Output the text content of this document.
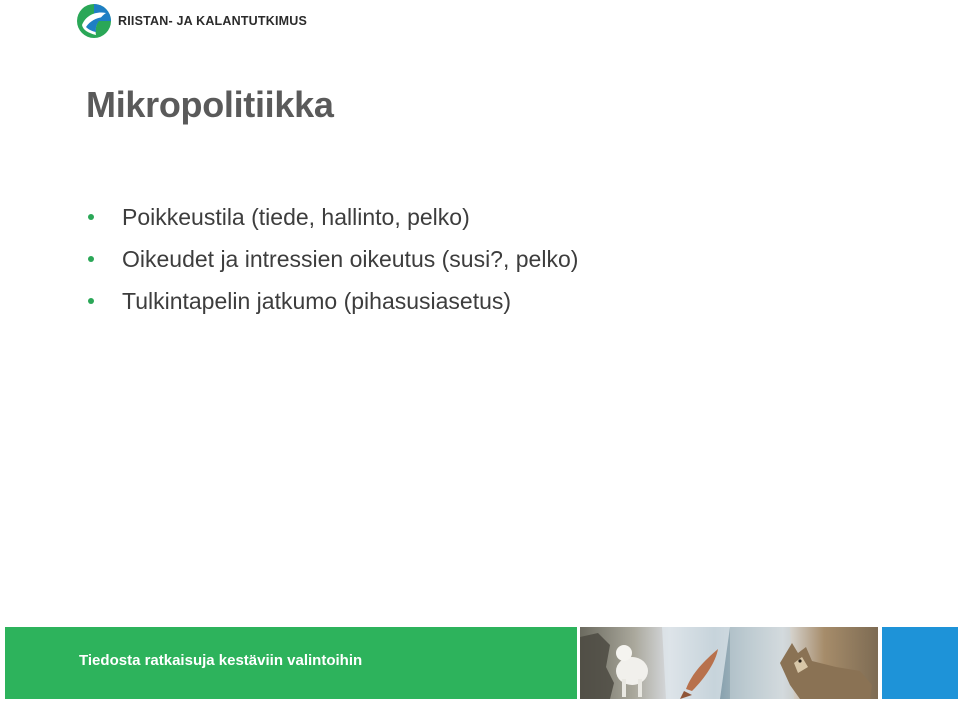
RIISTAN- JA KALANTUTKIMUS
Mikropolitiikka
Poikkeustila (tiede, hallinto, pelko)
Oikeudet ja intressien oikeutus (susi?, pelko)
Tulkintapelin jatkumo (pihasusiasetus)
Tiedosta ratkaisuja kestäviin valintoihin
